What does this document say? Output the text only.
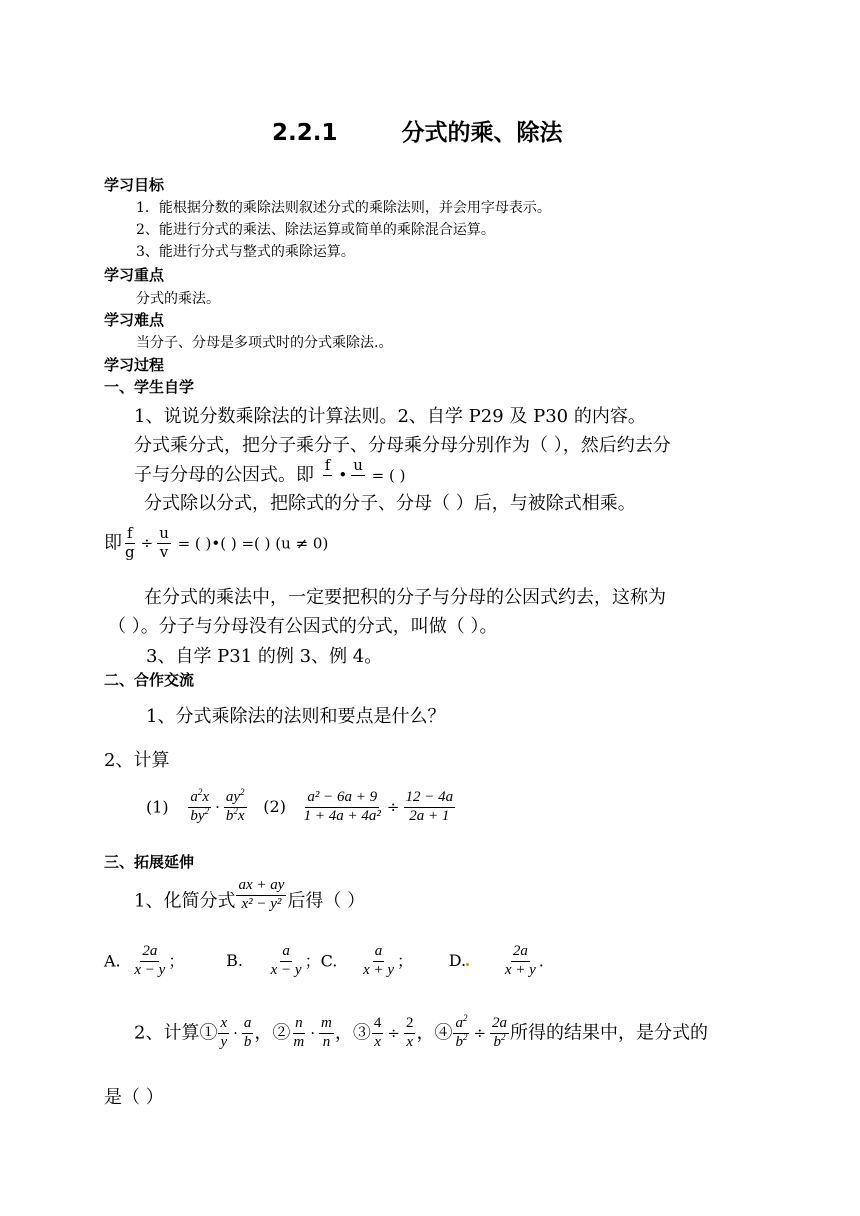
2.2.1	分式的乘、除法
学习目标
1．能根据分数的乘除法则叙述分式的乘除法则，并会用字母表示。
2、能进行分式的乘法、除法运算或简单的乘除混合运算。
3、能进行分式与整式的乘除运算。
学习重点
分式的乘法。
学习难点
当分子、分母是多项式时的分式乘除法.。
学习过程
一、学生自学
1、说说分数乘除法的计算法则。2、自学 P29 及 P30 的内容。
分式乘分式，把分子乘分子、分母乘分母分别作为（ ），然后约去分
子与分母的公因式。即 f
•
u
= ( )
分式除以分式，把除式的分子、分母（ ）后，与被除式相乘。
即 $\frac{f}{g} \div \frac{u}{v}$ = ( )•( ) =( ) (u ≠ 0)
在分式的乘法中，一定要把积的分子与分母的公因式约去，这称为
（ ）。分子与分母没有公因式的分式，叫做（ ）。
3、自学 P31 的例 3、例 4。
二、合作交流
1、分式乘除法的法则和要点是什么？
2、计算
$(1) \frac{a^2x}{by^2} \cdot \frac{ay^2}{b^2x} (2) \frac{\text{a² − 6a + 9}}{\text{1 + 4a + 4a²}} \div \frac{12 - 4a}{2a + 1}$
三、拓展延伸
1、化简分式 $\frac{ax + ay}{\text{x² − y²}}$ 后得（ ）
A. $\frac{2a}{x - y}$ ；	B. $\frac{a}{x - y}$ ；C. $\frac{a}{x + y}$ ； D. $\frac{2a}{x + y}$ .
2、计算① $\frac{x}{y} \cdot \frac{a}{b}$ ，② $\frac{n}{m} \cdot \frac{m}{n}$ ，③ $\frac{4}{x} \div \frac{2}{x}$ ，④ $\frac{a^2}{b^2} \div \frac{2a}{b^2}$ 所得的结果中，是分式的
是（ ）
